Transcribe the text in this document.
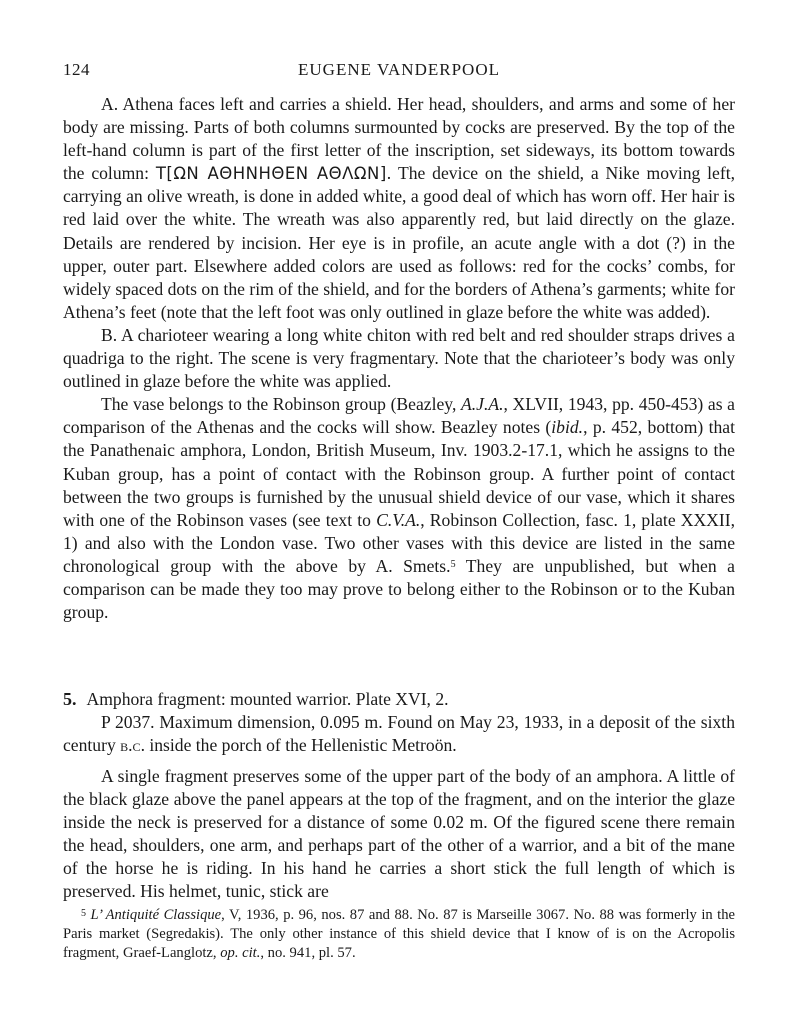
124	EUGENE VANDERPOOL

A. Athena faces left and carries a shield. Her head, shoulders, and arms and some of her body are missing. Parts of both columns surmounted by cocks are preserved. By the top of the left-hand column is part of the first letter of the inscription, set sideways, its bottom towards the column: Τ[ΩΝ ΑΘΗΝΗΘΕΝ ΑΘΛΩΝ]. The device on the shield, a Nike moving left, carrying an olive wreath, is done in added white, a good deal of which has worn off. Her hair is red laid over the white. The wreath was also apparently red, but laid directly on the glaze. Details are rendered by incision. Her eye is in profile, an acute angle with a dot (?) in the upper, outer part. Elsewhere added colors are used as follows: red for the cocks’ combs, for widely spaced dots on the rim of the shield, and for the borders of Athena’s garments; white for Athena’s feet (note that the left foot was only outlined in glaze before the white was added).

B. A charioteer wearing a long white chiton with red belt and red shoulder straps drives a quadriga to the right. The scene is very fragmentary. Note that the charioteer’s body was only outlined in glaze before the white was applied.

The vase belongs to the Robinson group (Beazley, A.J.A., XLVII, 1943, pp. 450-453) as a comparison of the Athenas and the cocks will show. Beazley notes (ibid., p. 452, bottom) that the Panathenaic amphora, London, British Museum, Inv. 1903.2-17.1, which he assigns to the Kuban group, has a point of contact with the Robinson group. A further point of contact between the two groups is furnished by the unusual shield device of our vase, which it shares with one of the Robinson vases (see text to C.V.A., Robinson Collection, fasc. 1, plate XXXII, 1) and also with the London vase. Two other vases with this device are listed in the same chronological group with the above by A. Smets.$^5$ They are unpublished, but when a comparison can be made they too may prove to belong either to the Robinson or to the Kuban group.

5. Amphora fragment: mounted warrior. Plate XVI, 2.
P 2037. Maximum dimension, 0.095 m. Found on May 23, 1933, in a deposit of the sixth century b.c. inside the porch of the Hellenistic Metroön.

A single fragment preserves some of the upper part of the body of an amphora. A little of the black glaze above the panel appears at the top of the fragment, and on the interior the glaze inside the neck is preserved for a distance of some 0.02 m. Of the figured scene there remain the head, shoulders, one arm, and perhaps part of the other of a warrior, and a bit of the mane of the horse he is riding. In his hand he carries a short stick the full length of which is preserved. His helmet, tunic, stick are

$^5$ L’ Antiquité Classique, V, 1936, p. 96, nos. 87 and 88. No. 87 is Marseille 3067. No. 88 was formerly in the Paris market (Segredakis). The only other instance of this shield device that I know of is on the Acropolis fragment, Graef-Langlotz, op. cit., no. 941, pl. 57.
